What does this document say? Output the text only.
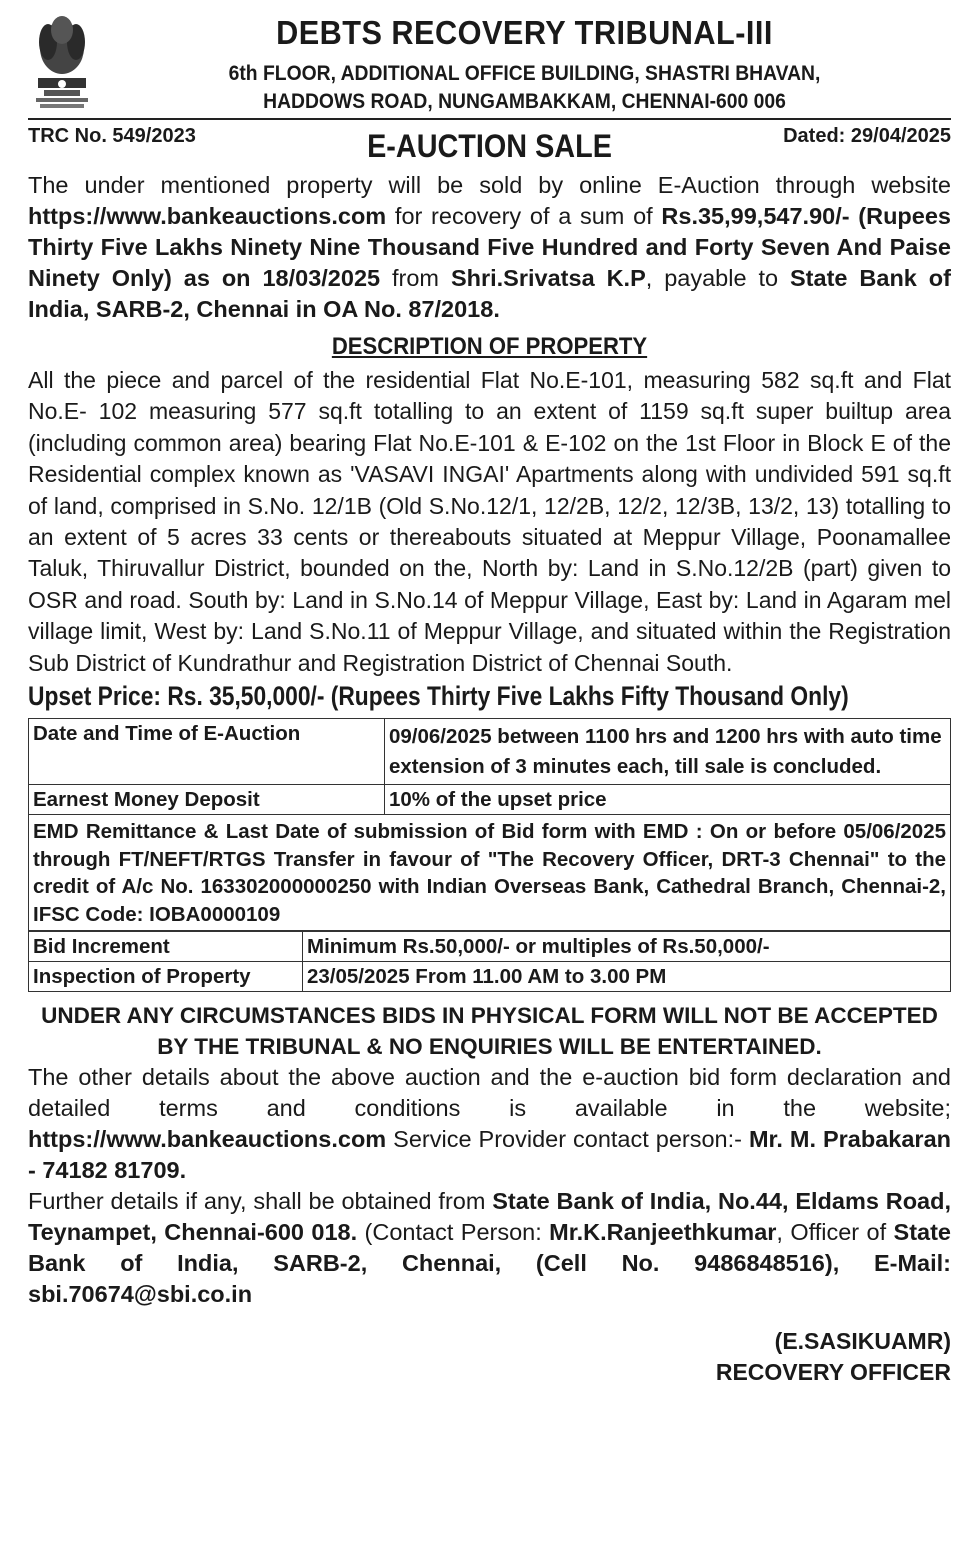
DEBTS RECOVERY TRIBUNAL-III
6th FLOOR, ADDITIONAL OFFICE BUILDING, SHASTRI BHAVAN,
HADDOWS ROAD, NUNGAMBAKKAM, CHENNAI-600 006
TRC No. 549/2023	E-AUCTION SALE	Dated: 29/04/2025
The under mentioned property will be sold by online E-Auction through website https://www.bankeauctions.com for recovery of a sum of Rs.35,99,547.90/- (Rupees Thirty Five Lakhs Ninety Nine Thousand Five Hundred and Forty Seven And Paise Ninety Only) as on 18/03/2025 from Shri.Srivatsa K.P, payable to State Bank of India, SARB-2, Chennai in OA No. 87/2018.
DESCRIPTION OF PROPERTY
All the piece and parcel of the residential Flat No.E-101, measuring 582 sq.ft and Flat No.E- 102 measuring 577 sq.ft totalling to an extent of 1159 sq.ft super builtup area (including common area) bearing Flat No.E-101 & E-102 on the 1st Floor in Block E of the Residential complex known as 'VASAVI INGAI' Apartments along with undivided 591 sq.ft of land, comprised in S.No. 12/1B (Old S.No.12/1, 12/2B, 12/2, 12/3B, 13/2, 13) totalling to an extent of 5 acres 33 cents or thereabouts situated at Meppur Village, Poonamallee Taluk, Thiruvallur District, bounded on the, North by: Land in S.No.12/2B (part) given to OSR and road. South by: Land in S.No.14 of Meppur Village, East by: Land in Agaram mel village limit, West by: Land S.No.11 of Meppur Village, and situated within the Registration Sub District of Kundrathur and Registration District of Chennai South.
Upset Price: Rs. 35,50,000/- (Rupees Thirty Five Lakhs Fifty Thousand Only)
Date and Time of E-Auction	09/06/2025 between 1100 hrs and 1200 hrs with auto time extension of 3 minutes each, till sale is concluded.
Earnest Money Deposit	10% of the upset price
EMD Remittance & Last Date of submission of Bid form with EMD : On or before 05/06/2025 through FT/NEFT/RTGS Transfer in favour of "The Recovery Officer, DRT-3 Chennai" to the credit of A/c No. 163302000000250 with Indian Overseas Bank, Cathedral Branch, Chennai-2, IFSC Code: IOBA0000109	
Bid Increment	Minimum Rs.50,000/- or multiples of Rs.50,000/-
Inspection of Property	23/05/2025 From 11.00 AM to 3.00 PM
UNDER ANY CIRCUMSTANCES BIDS IN PHYSICAL FORM WILL NOT BE ACCEPTED BY THE TRIBUNAL & NO ENQUIRIES WILL BE ENTERTAINED.
The other details about the above auction and the e-auction bid form declaration and detailed terms and conditions is available in the website; https://www.bankeauctions.com Service Provider contact person:- Mr. M. Prabakaran - 74182 81709.
Further details if any, shall be obtained from State Bank of India, No.44, Eldams Road, Teynampet, Chennai-600 018. (Contact Person: Mr.K.Ranjeethkumar, Officer of State Bank of India, SARB-2, Chennai, (Cell No. 9486848516), E-Mail: sbi.70674@sbi.co.in
(E.SASIKUAMR)
RECOVERY OFFICER
